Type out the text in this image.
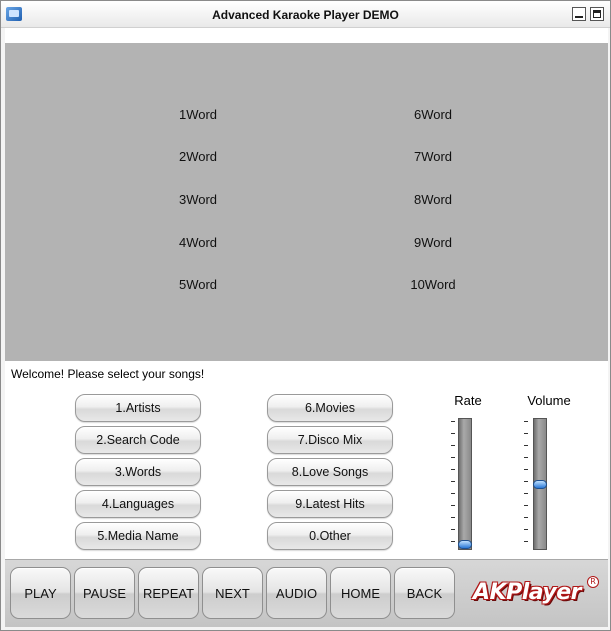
Advanced Karaoke Player DEMO
1Word
2Word
3Word
4Word
5Word
6Word
7Word
8Word
9Word
10Word
Welcome! Please select your songs!
1.Artists
2.Search Code
3.Words
4.Languages
5.Media Name
6.Movies
7.Disco Mix
8.Love Songs
9.Latest Hits
0.Other
Rate	Volume
PLAY	PAUSE	REPEAT	NEXT	AUDIO	HOME	BACK	AKPlayer	R
